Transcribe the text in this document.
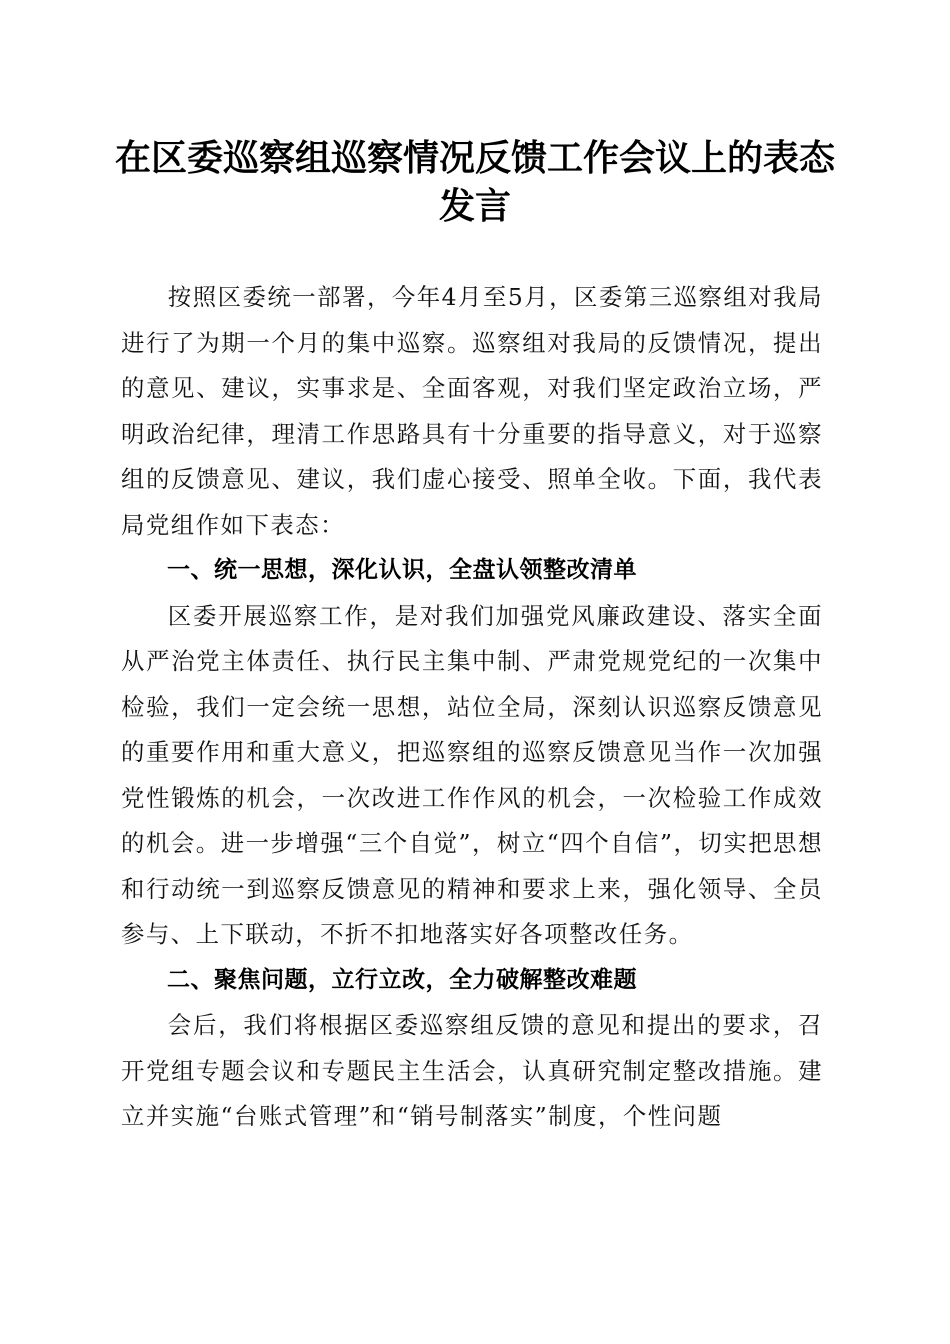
在区委巡察组巡察情况反馈工作会议上的表态
发言

按照区委统一部署，今年4月至5月，区委第三巡察组对我局进行了为期一个月的集中巡察。巡察组对我局的反馈情况，提出的意见、建议，实事求是、全面客观，对我们坚定政治立场，严明政治纪律，理清工作思路具有十分重要的指导意义，对于巡察组的反馈意见、建议，我们虚心接受、照单全收。下面，我代表局党组作如下表态：

一、统一思想，深化认识，全盘认领整改清单

区委开展巡察工作，是对我们加强党风廉政建设、落实全面从严治党主体责任、执行民主集中制、严肃党规党纪的一次集中检验，我们一定会统一思想，站位全局，深刻认识巡察反馈意见的重要作用和重大意义，把巡察组的巡察反馈意见当作一次加强党性锻炼的机会，一次改进工作作风的机会，一次检验工作成效的机会。进一步增强“三个自觉”，树立“四个自信”，切实把思想和行动统一到巡察反馈意见的精神和要求上来，强化领导、全员参与、上下联动，不折不扣地落实好各项整改任务。

二、聚焦问题，立行立改，全力破解整改难题

会后，我们将根据区委巡察组反馈的意见和提出的要求，召开党组专题会议和专题民主生活会，认真研究制定整改措施。建立并实施“台账式管理”和“销号制落实”制度，个性问题
